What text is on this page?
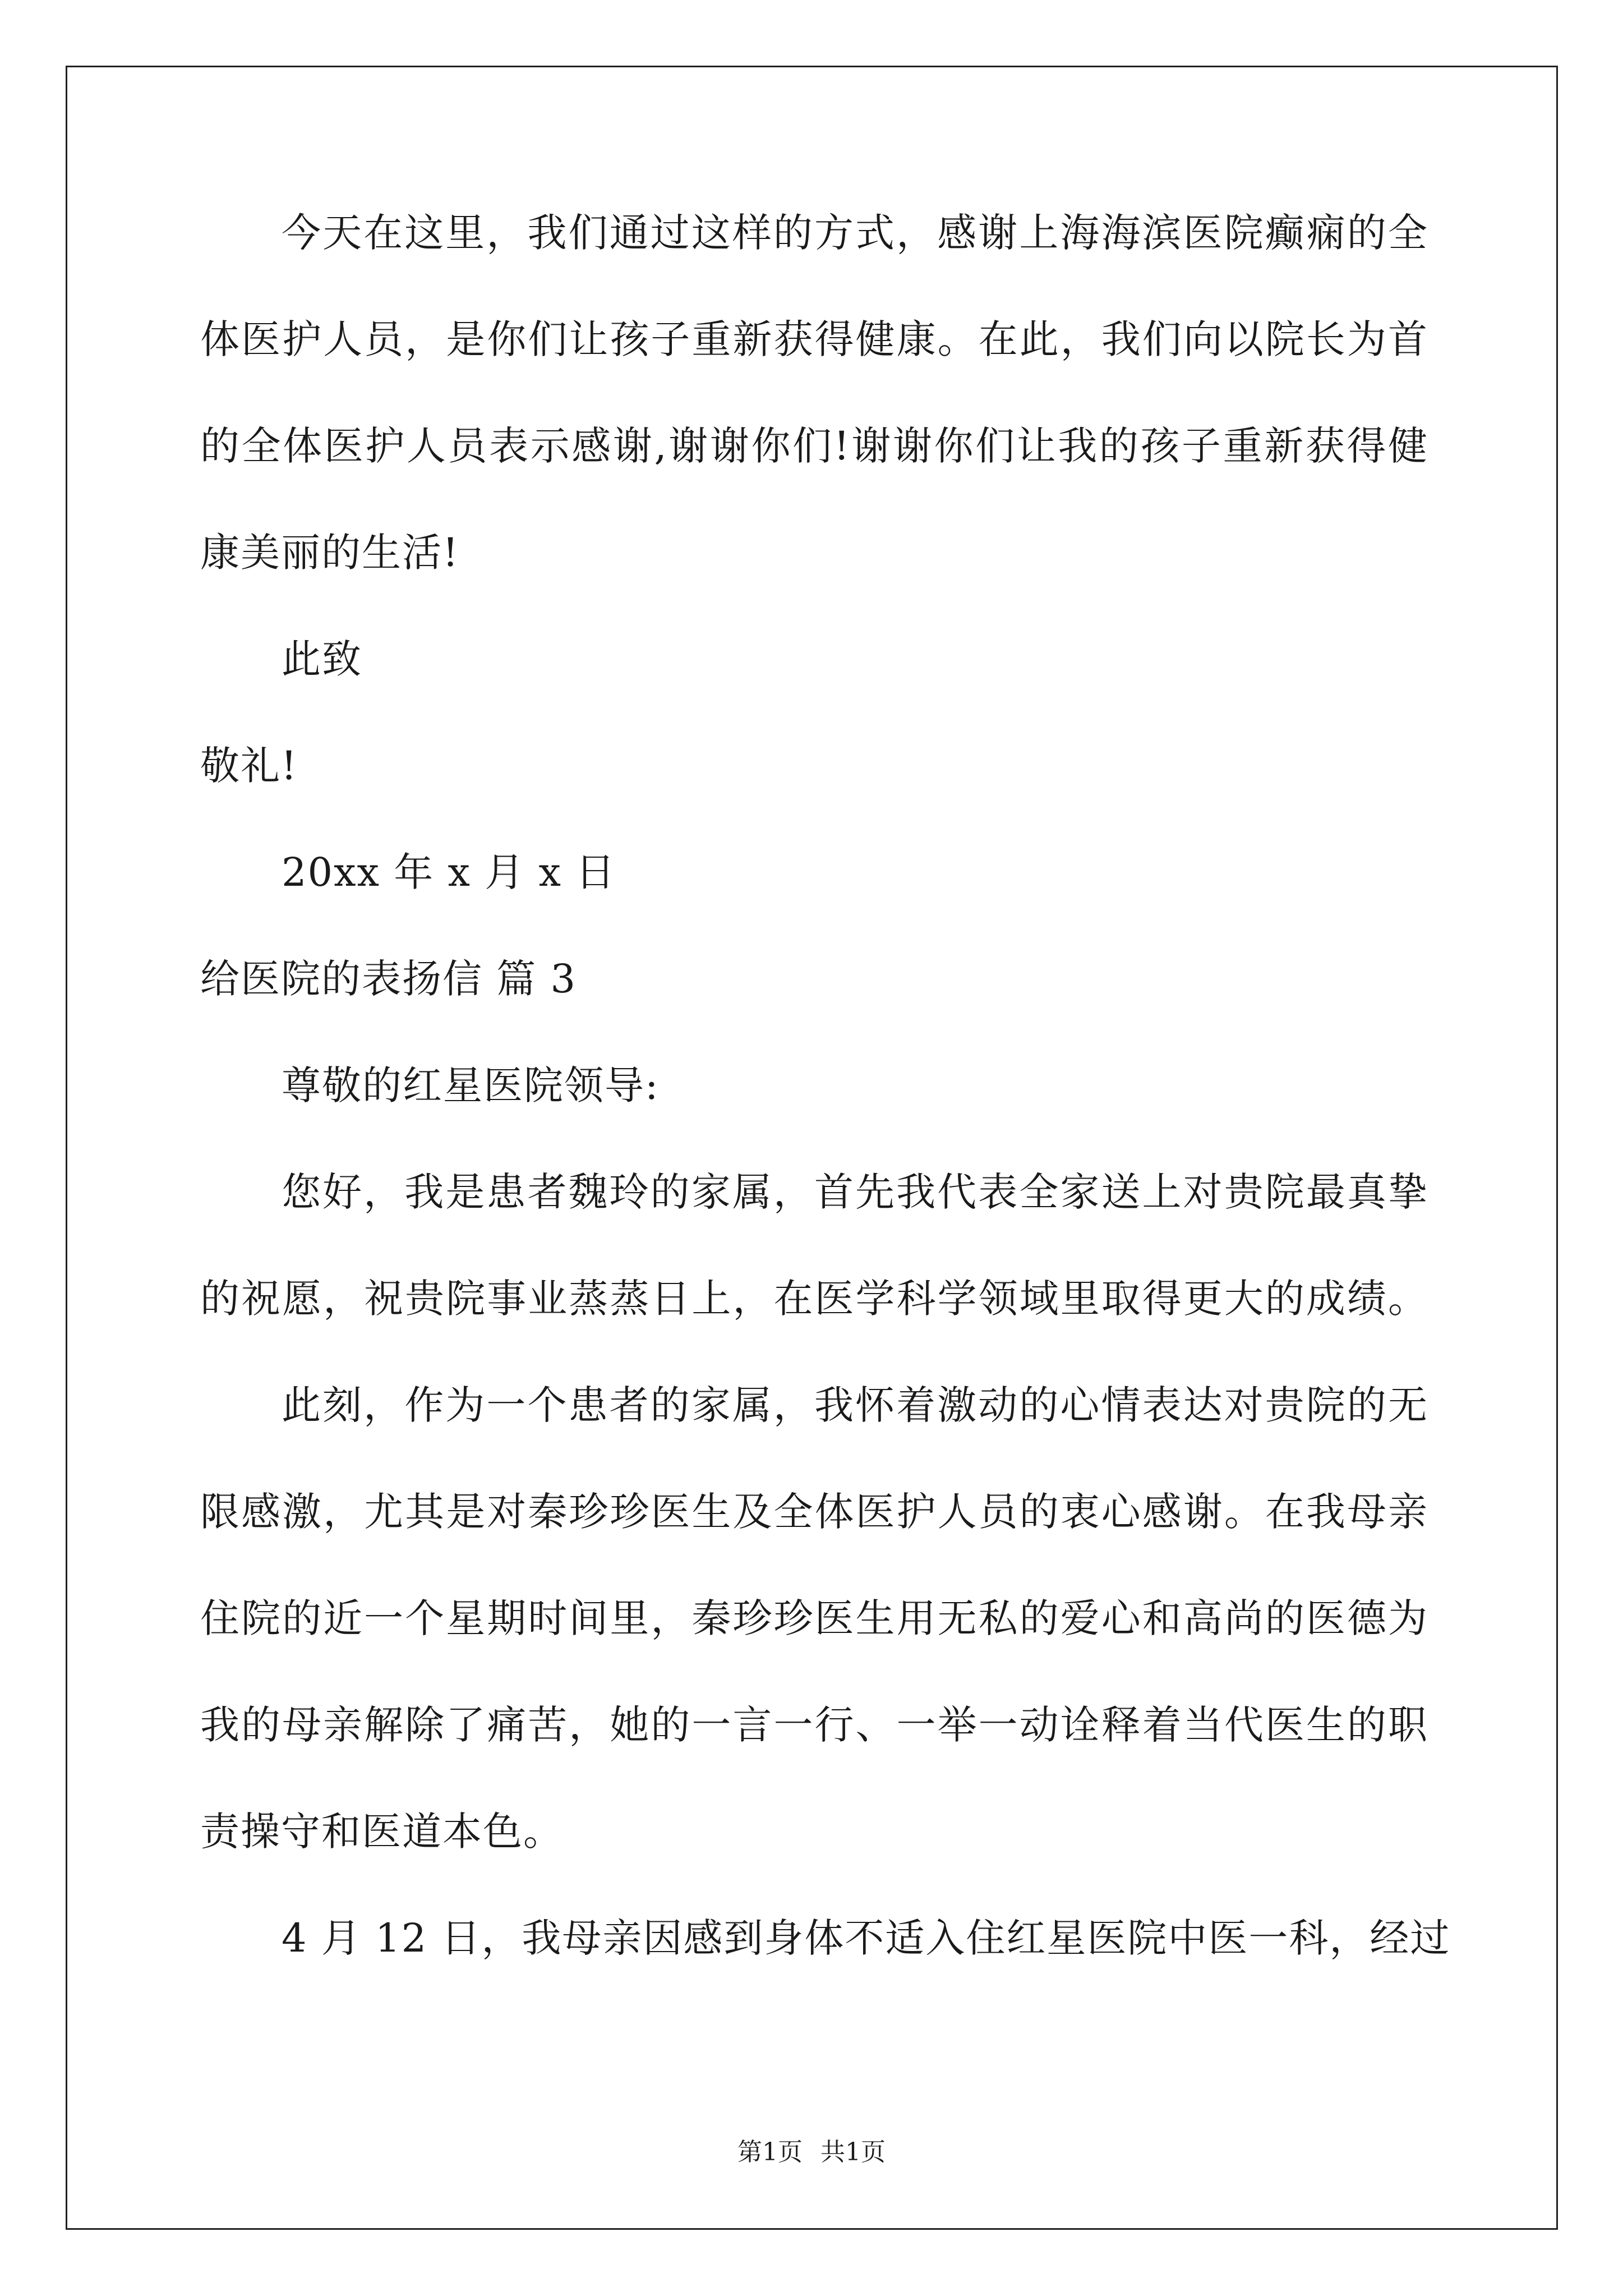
今天在这里，我们通过这样的方式，感谢上海海滨医院癫痫的全
体医护人员，是你们让孩子重新获得健康。在此，我们向以院长为首
的全体医护人员表示感谢,谢谢你们!谢谢你们让我的孩子重新获得健
康美丽的生活!
此致
敬礼!
20xx 年 x 月 x 日
给医院的表扬信 篇 3
尊敬的红星医院领导:
您好，我是患者魏玲的家属，首先我代表全家送上对贵院最真挚
的祝愿，祝贵院事业蒸蒸日上，在医学科学领域里取得更大的成绩。
此刻，作为一个患者的家属，我怀着激动的心情表达对贵院的无
限感激，尤其是对秦珍珍医生及全体医护人员的衷心感谢。在我母亲
住院的近一个星期时间里，秦珍珍医生用无私的爱心和高尚的医德为
我的母亲解除了痛苦，她的一言一行、一举一动诠释着当代医生的职
责操守和医道本色。
4 月 12 日，我母亲因感到身体不适入住红星医院中医一科，经过
第1页 共1页
